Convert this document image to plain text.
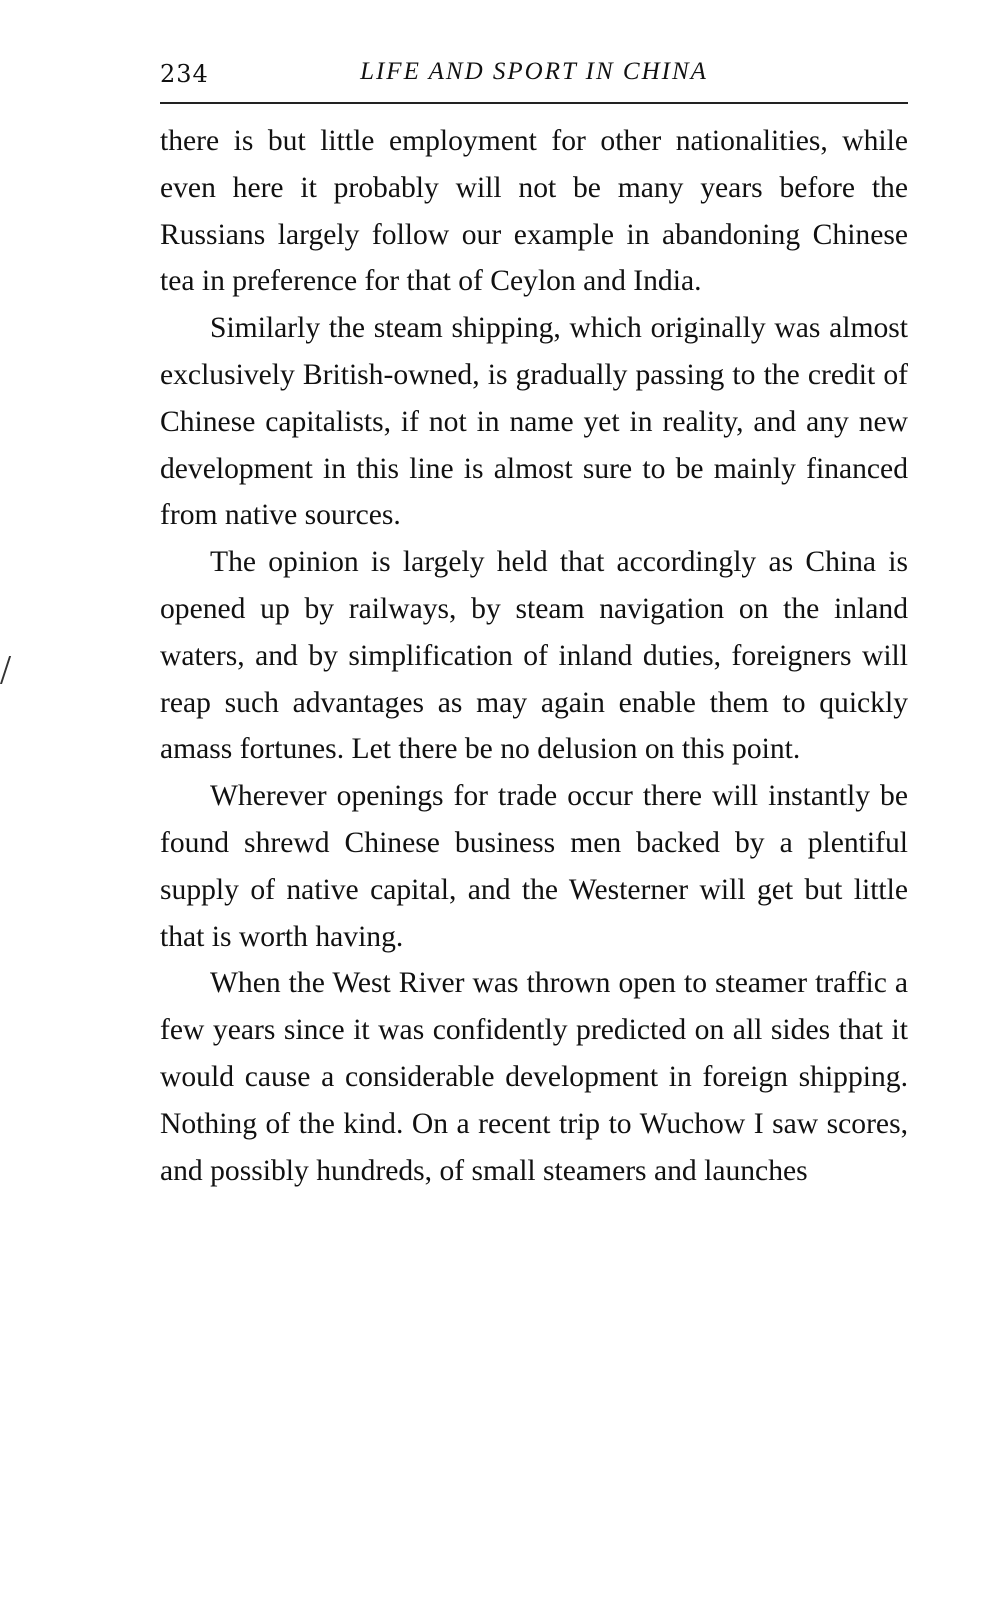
234	LIFE AND SPORT IN CHINA

there is but little employment for other nationalities, while even here it probably will not be many years before the Russians largely follow our example in abandoning Chinese tea in preference for that of Ceylon and India.

Similarly the steam shipping, which originally was almost exclusively British-owned, is gradually passing to the credit of Chinese capitalists, if not in name yet in reality, and any new development in this line is almost sure to be mainly financed from native sources.

The opinion is largely held that accordingly as China is opened up by railways, by steam navigation on the inland waters, and by simplification of inland duties, foreigners will reap such advantages as may again enable them to quickly amass fortunes. Let there be no delusion on this point.

Wherever openings for trade occur there will instantly be found shrewd Chinese business men backed by a plentiful supply of native capital, and the Westerner will get but little that is worth having.

When the West River was thrown open to steamer traffic a few years since it was confidently predicted on all sides that it would cause a considerable development in foreign shipping. Nothing of the kind. On a recent trip to Wuchow I saw scores, and possibly hundreds, of small steamers and launches
